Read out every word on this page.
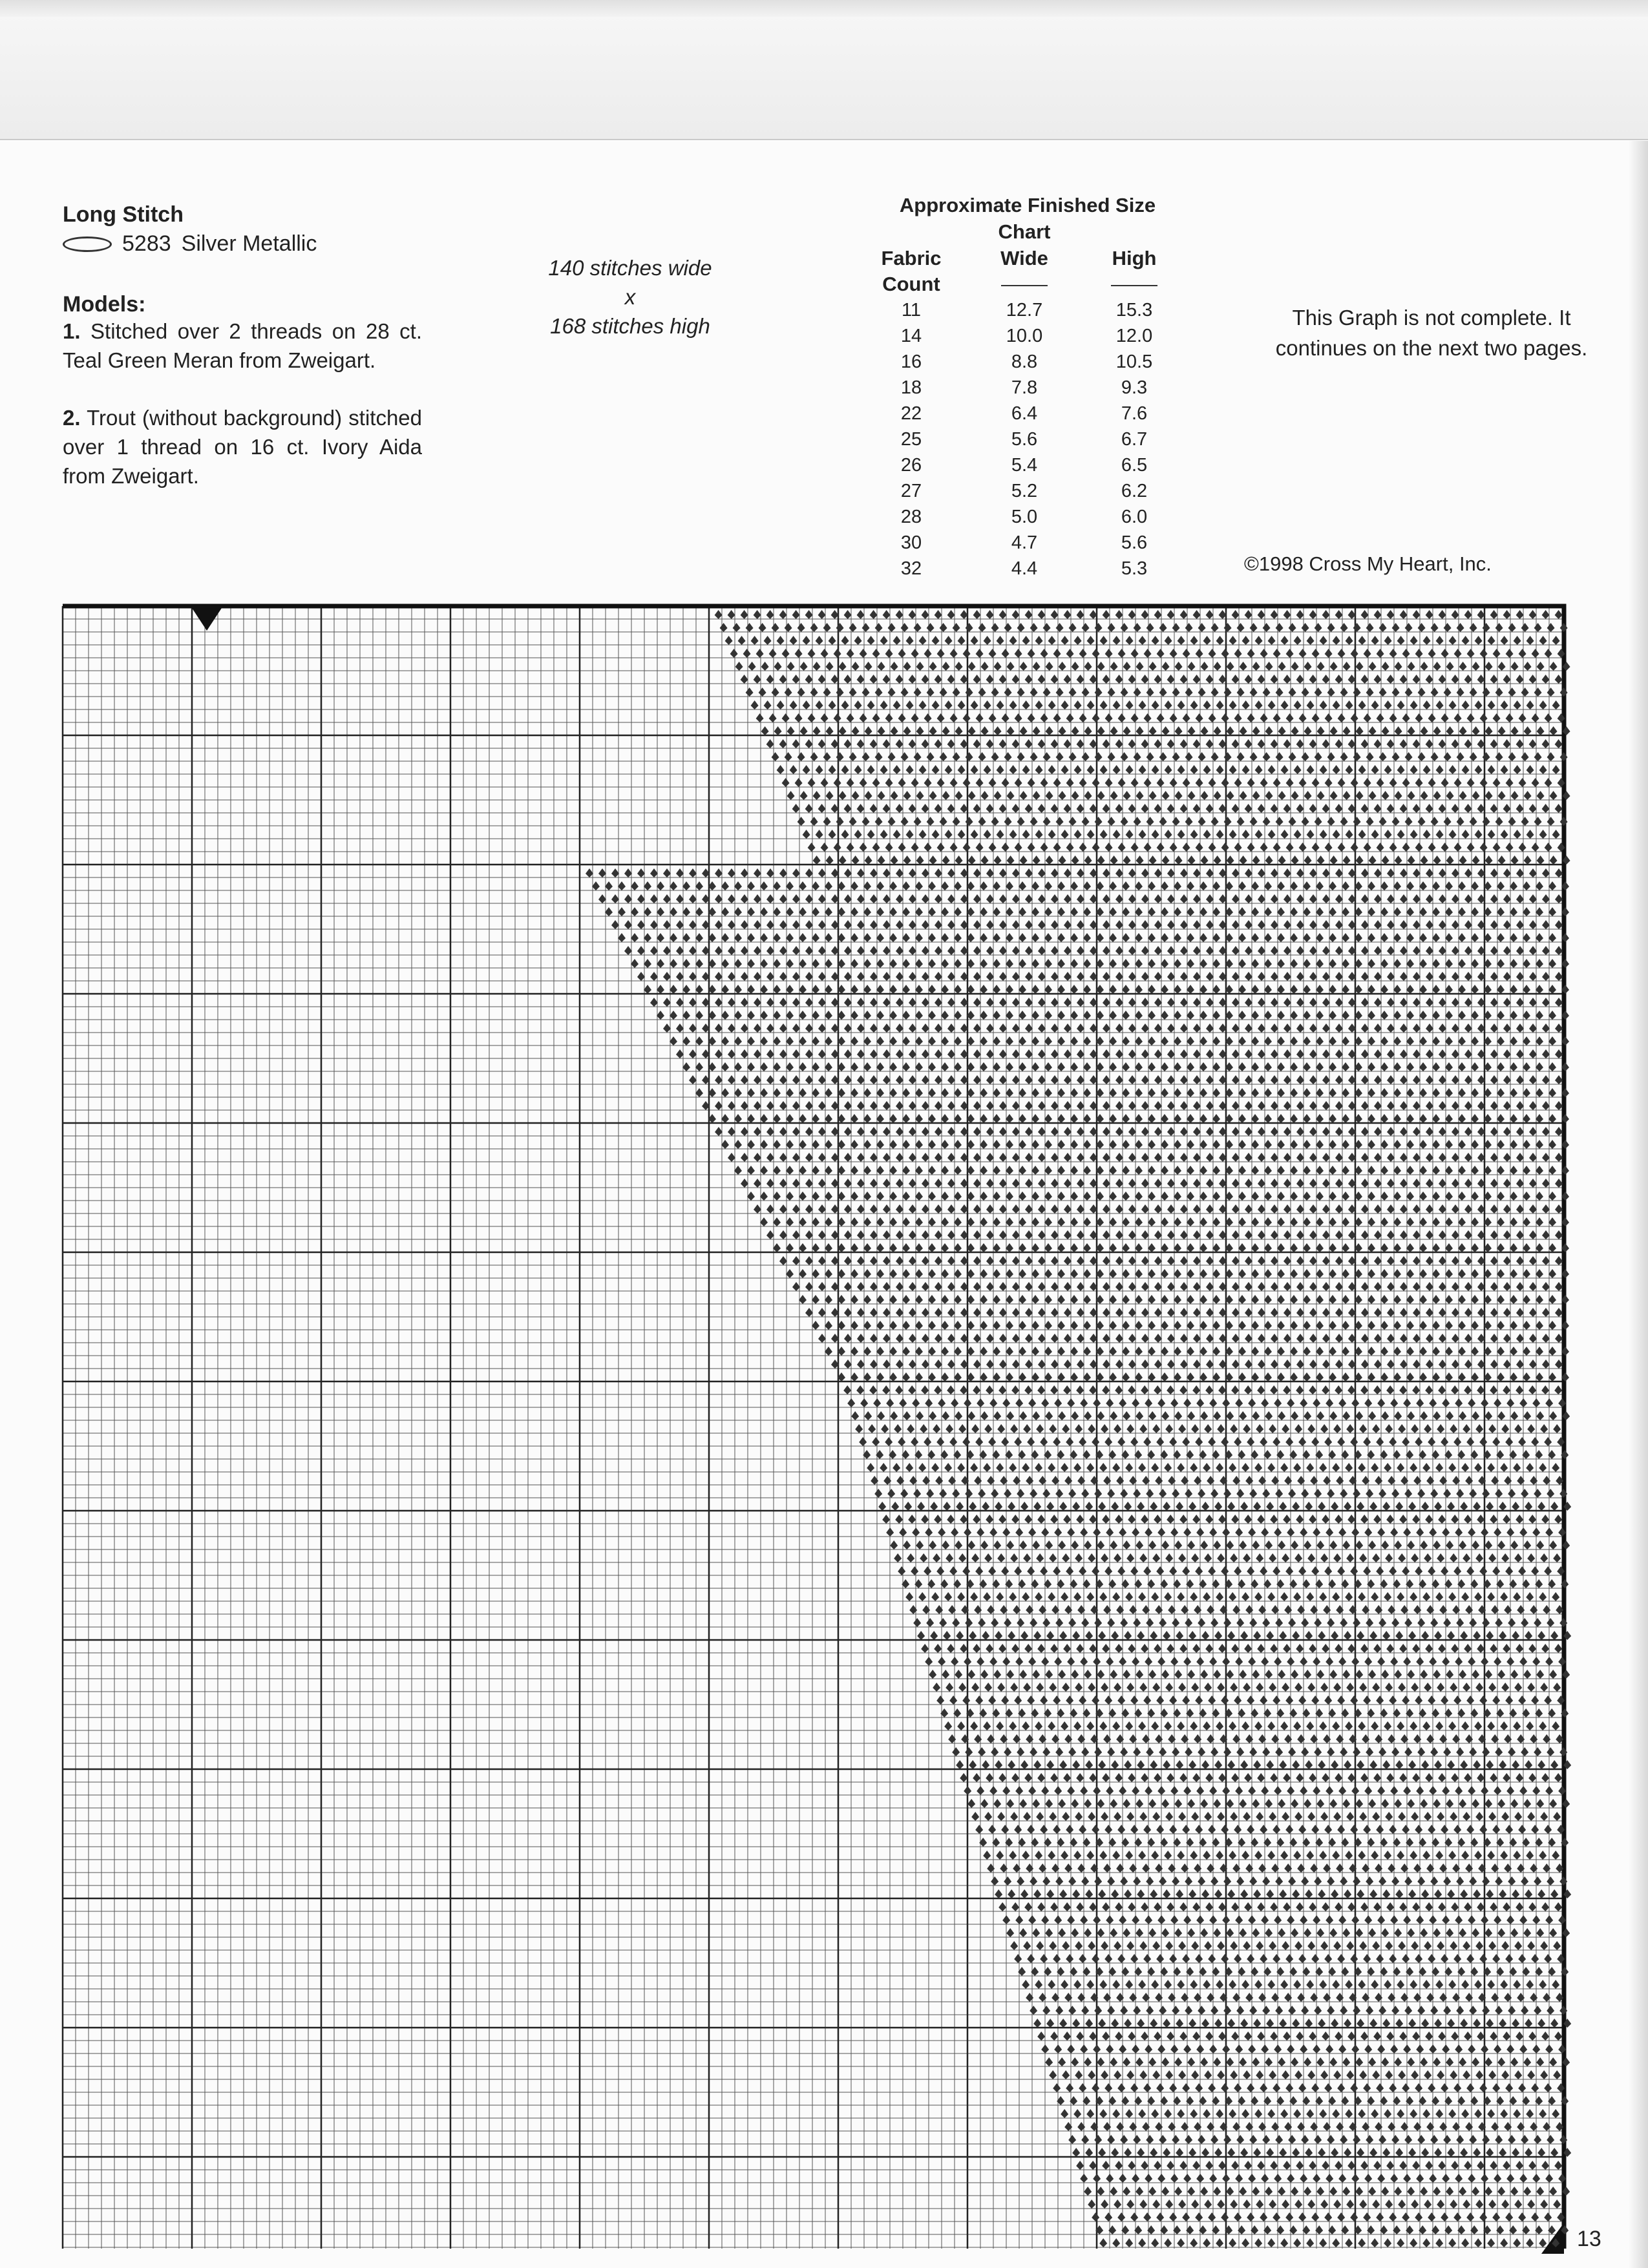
Long Stitch
5283 Silver Metallic
Models:
1. Stitched over 2 threads on 28 ct. Teal Green Meran from Zweigart.
2. Trout (without background) stitched over 1 thread on 16 ct. Ivory Aida from Zweigart.
140 stitches wide
x
168 stitches high
Approximate Finished Size
Chart
Fabric	Wide	High
Count		
11	12.7	15.3
14	10.0	12.0
16	8.8	10.5
18	7.8	9.3
22	6.4	7.6
25	5.6	6.7
26	5.4	6.5
27	5.2	6.2
28	5.0	6.0
30	4.7	5.6
32	4.4	5.3
This Graph is not complete. It continues on the next two pages.
©1998 Cross My Heart, Inc.
13
